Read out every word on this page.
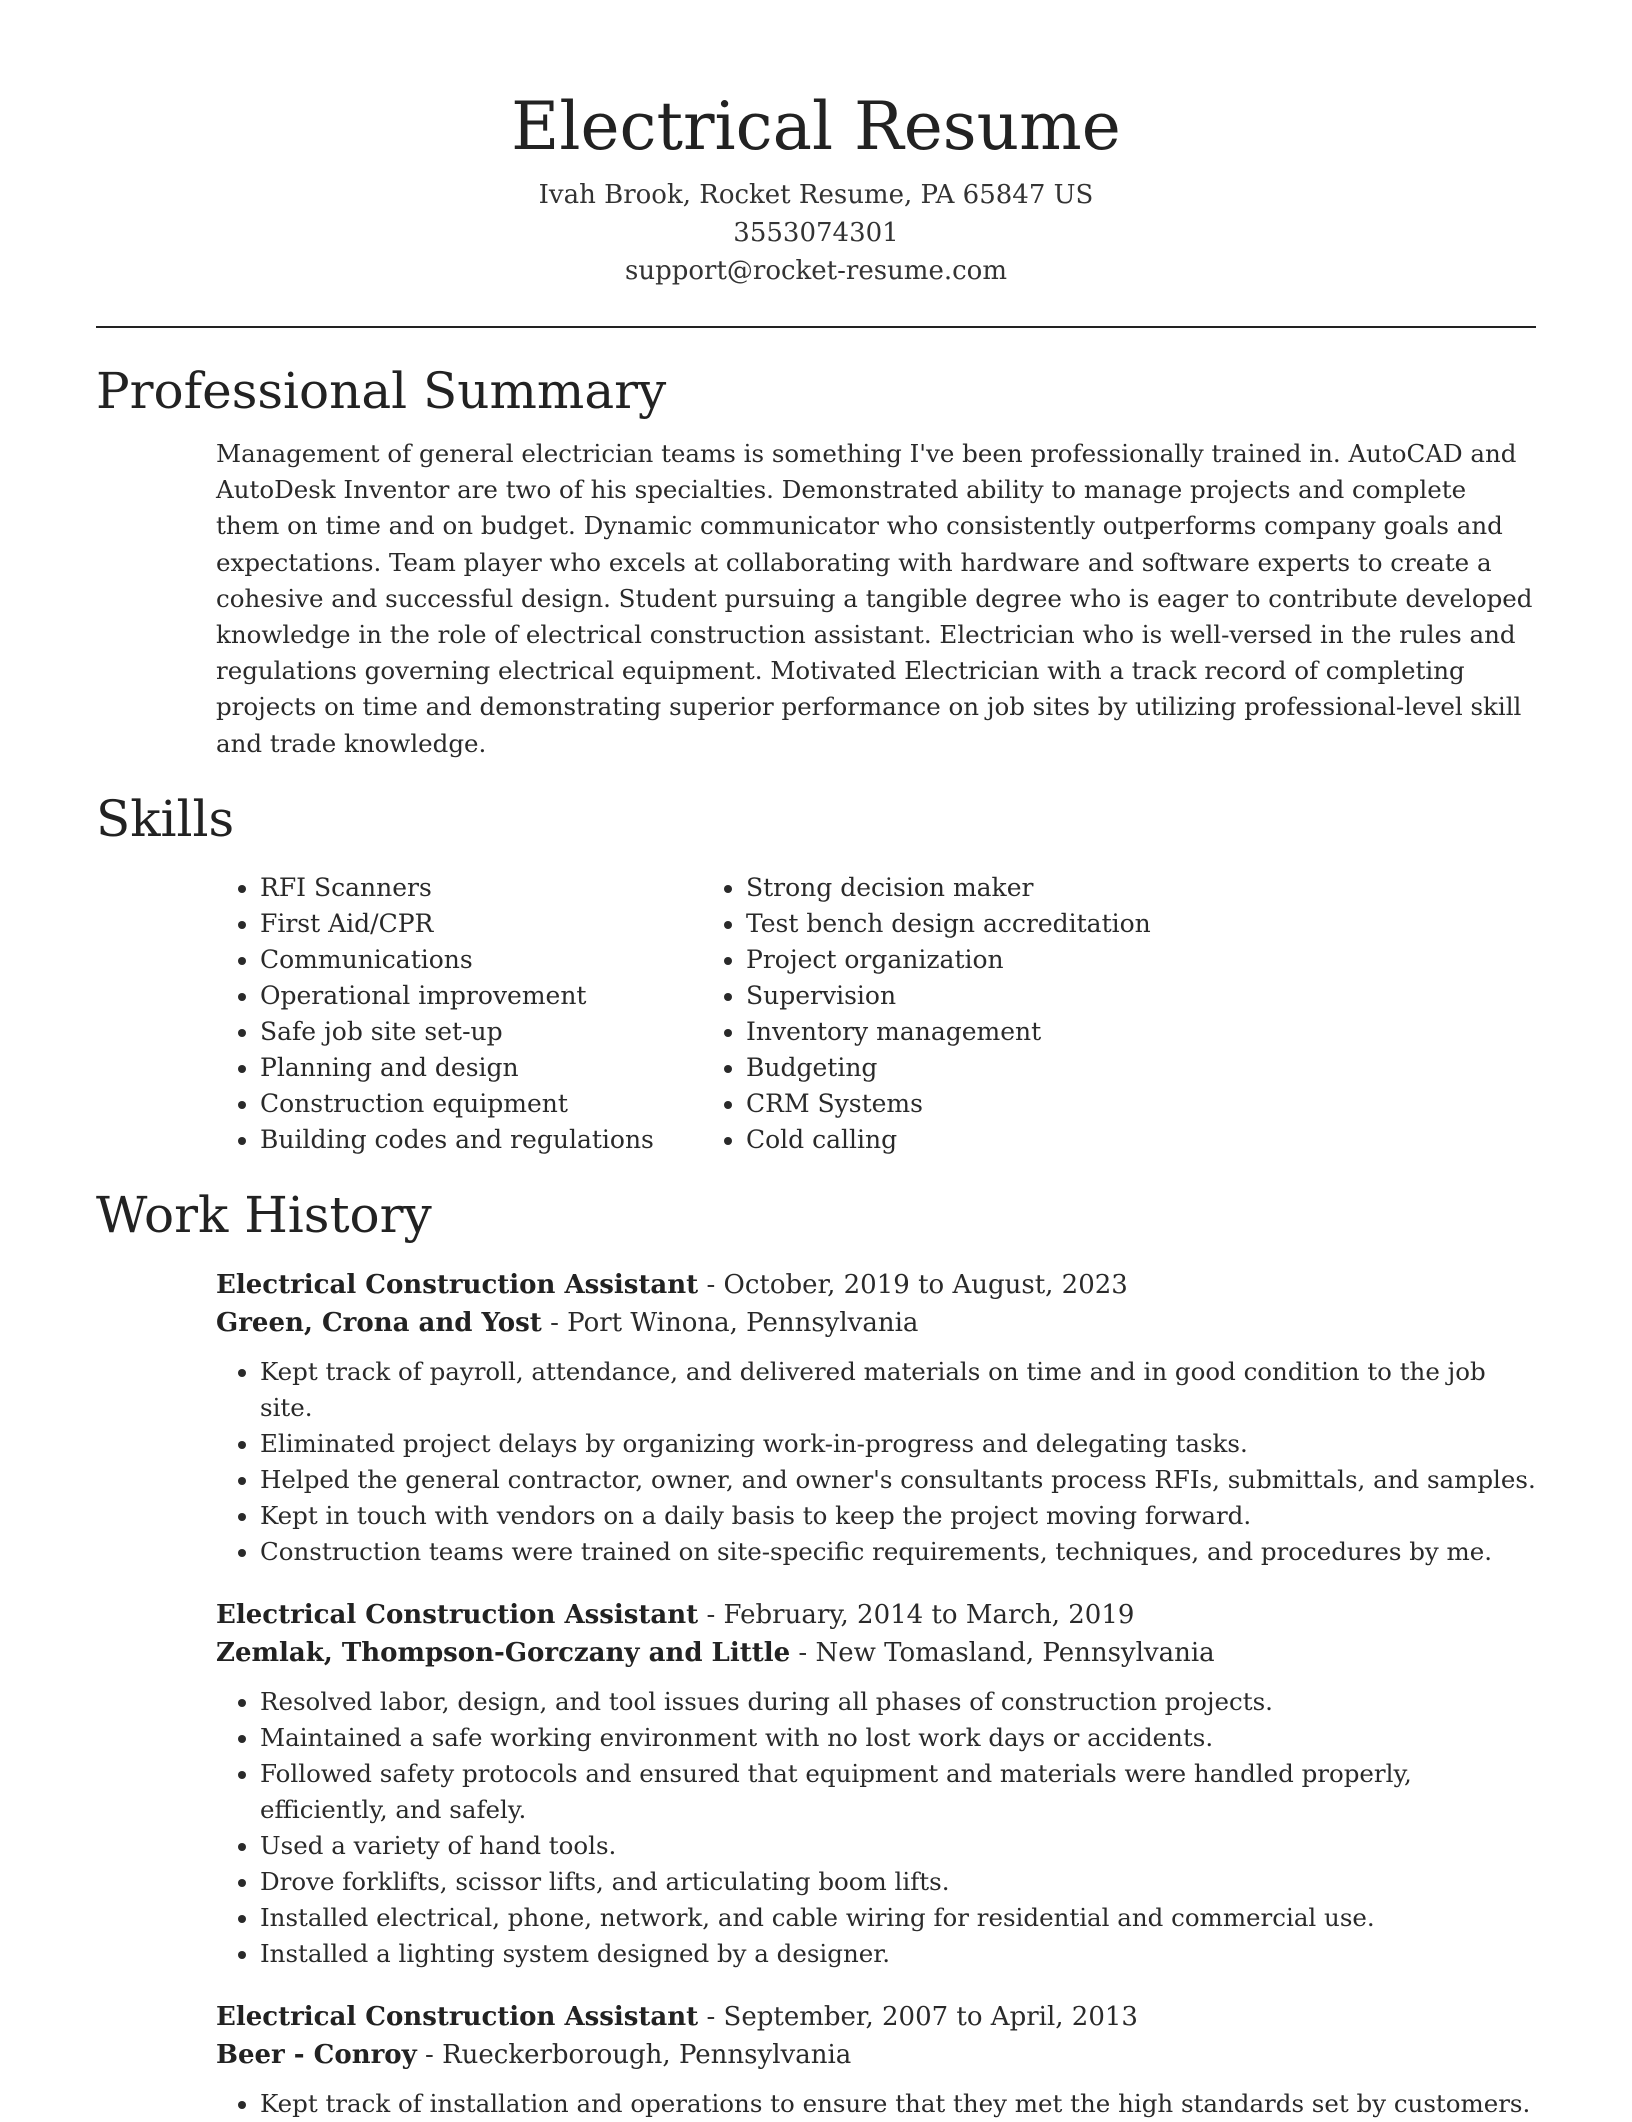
Electrical Resume
Ivah Brook, Rocket Resume, PA 65847 US
3553074301
support@rocket-resume.com
Professional Summary

Management of general electrician teams is something I've been professionally trained in. AutoCAD and AutoDesk Inventor are two of his specialties. Demonstrated ability to manage projects and complete them on time and on budget. Dynamic communicator who consistently outperforms company goals and expectations. Team player who excels at collaborating with hardware and software experts to create a cohesive and successful design. Student pursuing a tangible degree who is eager to contribute developed knowledge in the role of electrical construction assistant. Electrician who is well-versed in the rules and regulations governing electrical equipment. Motivated Electrician with a track record of completing projects on time and demonstrating superior performance on job sites by utilizing professional-level skill and trade knowledge.

Skills
• RFI Scanners
• First Aid/CPR
• Communications
• Operational improvement
• Safe job site set-up
• Planning and design
• Construction equipment
• Building codes and regulations
• Strong decision maker
• Test bench design accreditation
• Project organization
• Supervision
• Inventory management
• Budgeting
• CRM Systems
• Cold calling
Work History
Electrical Construction Assistant - October, 2019 to August, 2023
Green, Crona and Yost - Port Winona, Pennsylvania
• Kept track of payroll, attendance, and delivered materials on time and in good condition to the job site.
• Eliminated project delays by organizing work-in-progress and delegating tasks.
• Helped the general contractor, owner, and owner's consultants process RFIs, submittals, and samples.
• Kept in touch with vendors on a daily basis to keep the project moving forward.
• Construction teams were trained on site-specific requirements, techniques, and procedures by me.
Electrical Construction Assistant - February, 2014 to March, 2019
Zemlak, Thompson-Gorczany and Little - New Tomasland, Pennsylvania
• Resolved labor, design, and tool issues during all phases of construction projects.
• Maintained a safe working environment with no lost work days or accidents.
• Followed safety protocols and ensured that equipment and materials were handled properly, efficiently, and safely.
• Used a variety of hand tools.
• Drove forklifts, scissor lifts, and articulating boom lifts.
• Installed electrical, phone, network, and cable wiring for residential and commercial use.
• Installed a lighting system designed by a designer.
Electrical Construction Assistant - September, 2007 to April, 2013
Beer - Conroy - Rueckerborough, Pennsylvania
• Kept track of installation and operations to ensure that they met the high standards set by customers.
